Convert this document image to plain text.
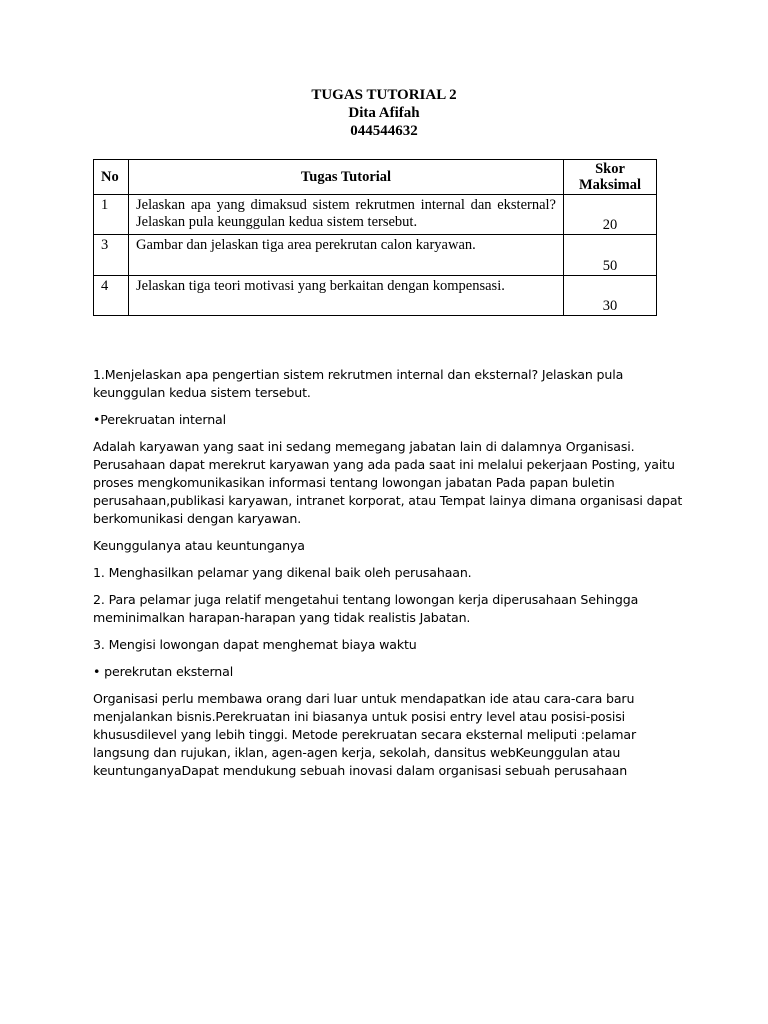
TUGAS TUTORIAL 2
Dita Afifah
044544632
No	Tugas Tutorial	Skor Maksimal
1	Jelaskan apa yang dimaksud sistem rekrutmen internal dan eksternal? Jelaskan pula keunggulan kedua sistem tersebut.	20
3	Gambar dan jelaskan tiga area perekrutan calon karyawan.	50
4	Jelaskan tiga teori motivasi yang berkaitan dengan kompensasi.	30

1.Menjelaskan apa pengertian sistem rekrutmen internal dan eksternal? Jelaskan pula keunggulan kedua sistem tersebut.

•Perekruatan internal

Adalah karyawan yang saat ini sedang memegang jabatan lain di dalamnya Organisasi. Perusahaan dapat merekrut karyawan yang ada pada saat ini melalui pekerjaan Posting, yaitu proses mengkomunikasikan informasi tentang lowongan jabatan Pada papan buletin perusahaan,publikasi karyawan, intranet korporat, atau Tempat lainya dimana organisasi dapat berkomunikasi dengan karyawan.

Keunggulanya atau keuntunganya

1. Menghasilkan pelamar yang dikenal baik oleh perusahaan.

2. Para pelamar juga relatif mengetahui tentang lowongan kerja diperusahaan Sehingga meminimalkan harapan-harapan yang tidak realistis Jabatan.

3. Mengisi lowongan dapat menghemat biaya waktu

• perekrutan eksternal

Organisasi perlu membawa orang dari luar untuk mendapatkan ide atau cara-cara baru menjalankan bisnis.Perekruatan ini biasanya untuk posisi entry level atau posisi-posisi khususdilevel yang lebih tinggi. Metode perekruatan secara eksternal meliputi :pelamar langsung dan rujukan, iklan, agen-agen kerja, sekolah, dansitus webKeunggulan atau keuntunganyaDapat mendukung sebuah inovasi dalam organisasi sebuah perusahaan
